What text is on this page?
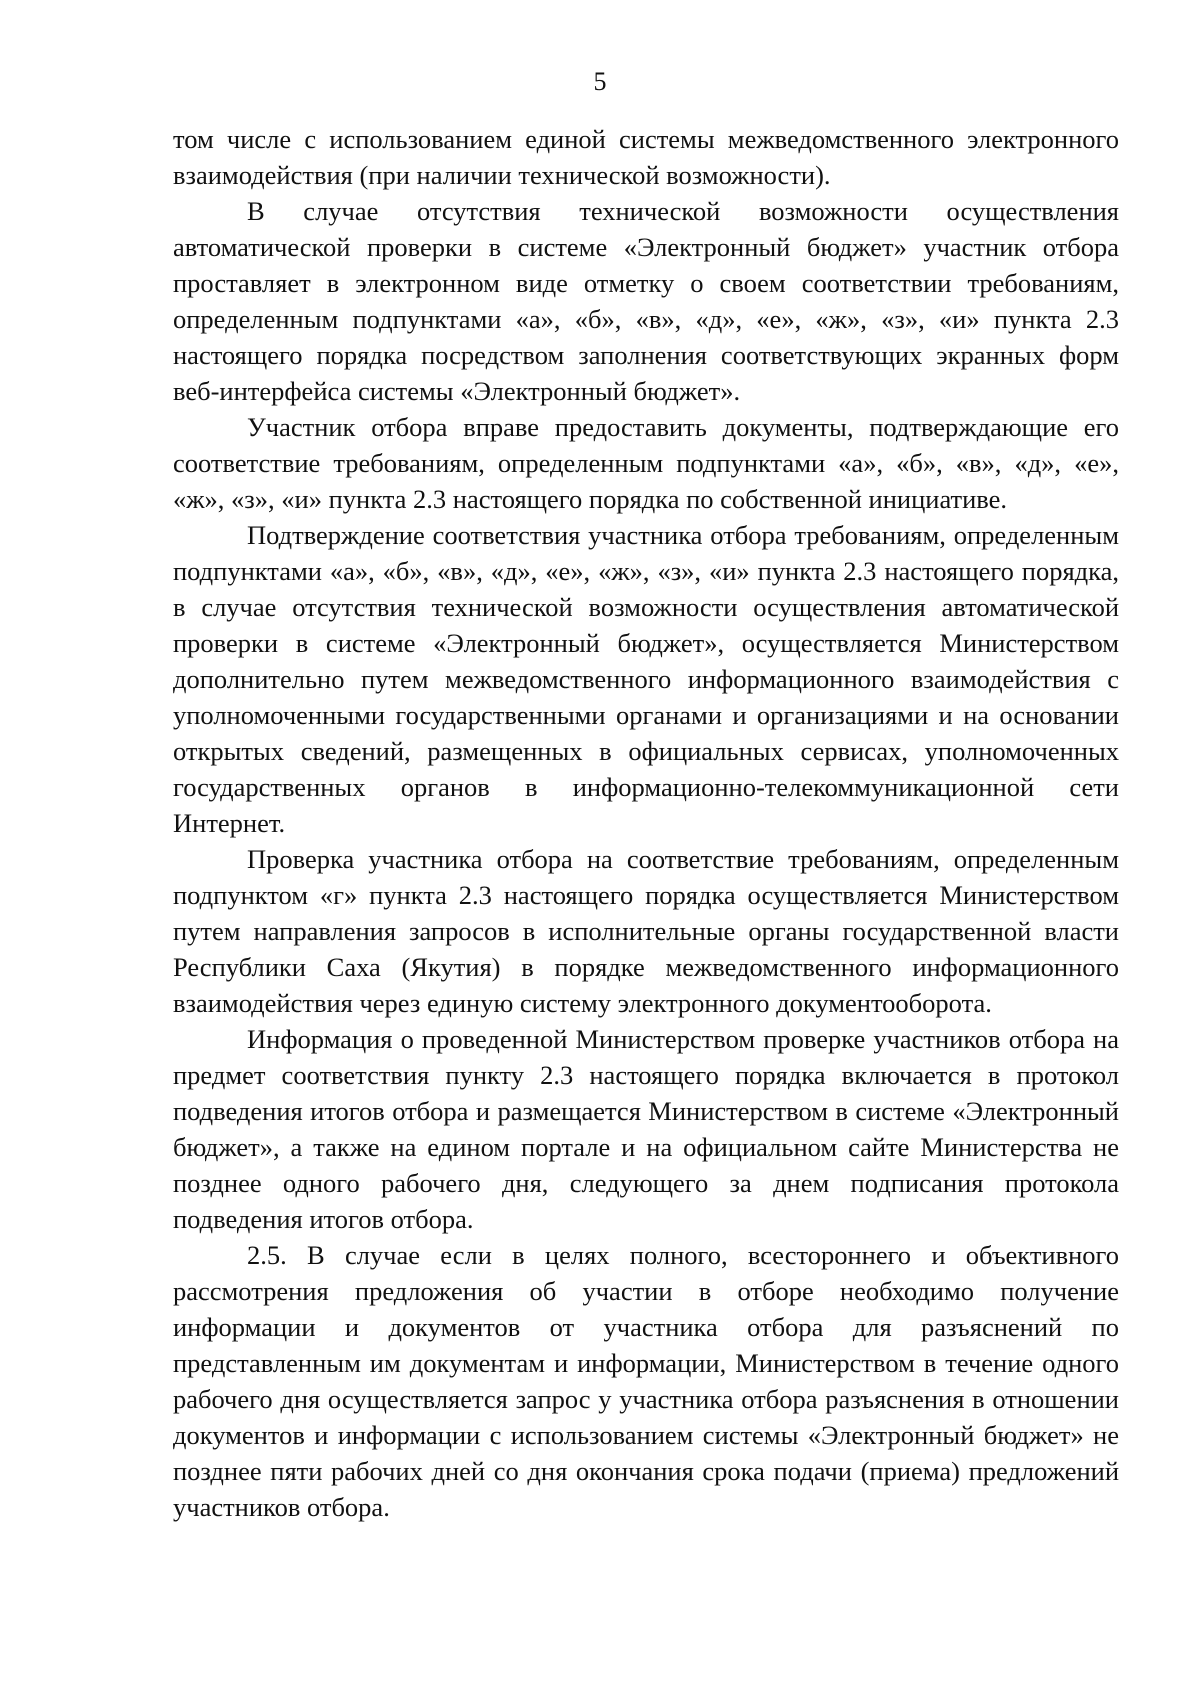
5

том числе с использованием единой системы межведомственного электронного взаимодействия (при наличии технической возможности).

В случае отсутствия технической возможности осуществления автоматической проверки в системе «Электронный бюджет» участник отбора проставляет в электронном виде отметку о своем соответствии требованиям, определенным подпунктами «а», «б», «в», «д», «е», «ж», «з», «и» пункта 2.3 настоящего порядка посредством заполнения соответствующих экранных форм веб-интерфейса системы «Электронный бюджет».

Участник отбора вправе предоставить документы, подтверждающие его соответствие требованиям, определенным подпунктами «а», «б», «в», «д», «е», «ж», «з», «и» пункта 2.3 настоящего порядка по собственной инициативе.

Подтверждение соответствия участника отбора требованиям, определенным подпунктами «а», «б», «в», «д», «е», «ж», «з», «и» пункта 2.3 настоящего порядка, в случае отсутствия технической возможности осуществления автоматической проверки в системе «Электронный бюджет», осуществляется Министерством дополнительно путем межведомственного информационного взаимодействия с уполномоченными государственными органами и организациями и на основании открытых сведений, размещенных в официальных сервисах, уполномоченных государственных органов в информационно-телекоммуникационной сети Интернет.

Проверка участника отбора на соответствие требованиям, определенным подпунктом «г» пункта 2.3 настоящего порядка осуществляется Министерством путем направления запросов в исполнительные органы государственной власти Республики Саха (Якутия) в порядке межведомственного информационного взаимодействия через единую систему электронного документооборота.

Информация о проведенной Министерством проверке участников отбора на предмет соответствия пункту 2.3 настоящего порядка включается в протокол подведения итогов отбора и размещается Министерством в системе «Электронный бюджет», а также на едином портале и на официальном сайте Министерства не позднее одного рабочего дня, следующего за днем подписания протокола подведения итогов отбора.

2.5. В случае если в целях полного, всестороннего и объективного рассмотрения предложения об участии в отборе необходимо получение информации и документов от участника отбора для разъяснений по представленным им документам и информации, Министерством в течение одного рабочего дня осуществляется запрос у участника отбора разъяснения в отношении документов и информации с использованием системы «Электронный бюджет» не позднее пяти рабочих дней со дня окончания срока подачи (приема) предложений участников отбора.
